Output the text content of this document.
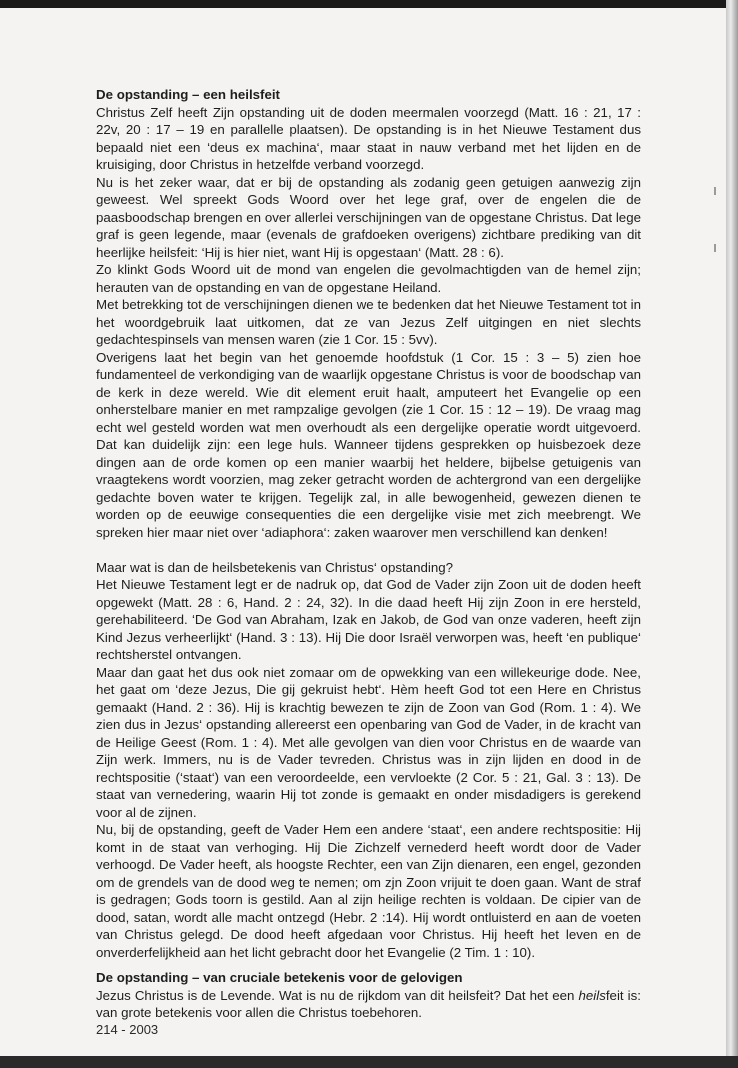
De opstanding – een heilsfeit

Christus Zelf heeft Zijn opstanding uit de doden meermalen voorzegd (Matt. 16 : 21, 17 : 22v, 20 : 17 – 19 en parallelle plaatsen). De opstanding is in het Nieuwe Testament dus bepaald niet een ‘deus ex machina‘, maar staat in nauw verband met het lijden en de kruisiging, door Christus in hetzelfde verband voorzegd.

Nu is het zeker waar, dat er bij de opstanding als zodanig geen getuigen aanwezig zijn geweest. Wel spreekt Gods Woord over het lege graf, over de engelen die de paasboodschap brengen en over allerlei verschijningen van de opgestane Christus. Dat lege graf is geen legende, maar (evenals de grafdoeken overigens) zichtbare prediking van dit heerlijke heilsfeit: ‘Hij is hier niet, want Hij is opgestaan‘ (Matt. 28 : 6).

Zo klinkt Gods Woord uit de mond van engelen die gevolmachtigden van de hemel zijn; herauten van de opstanding en van de opgestane Heiland.

Met betrekking tot de verschijningen dienen we te bedenken dat het Nieuwe Testament tot in het woordgebruik laat uitkomen, dat ze van Jezus Zelf uitgingen en niet slechts gedachtespinsels van mensen waren (zie 1 Cor. 15 : 5vv).

Overigens laat het begin van het genoemde hoofdstuk (1 Cor. 15 : 3 – 5) zien hoe fundamenteel de verkondiging van de waarlijk opgestane Christus is voor de boodschap van de kerk in deze wereld. Wie dit element eruit haalt, amputeert het Evangelie op een onherstelbare manier en met rampzalige gevolgen (zie 1 Cor. 15 : 12 – 19). De vraag mag echt wel gesteld worden wat men overhoudt als een dergelijke operatie wordt uitgevoerd. Dat kan duidelijk zijn: een lege huls. Wanneer tijdens gesprekken op huisbezoek deze dingen aan de orde komen op een manier waarbij het heldere, bijbelse getuigenis van vraagtekens wordt voorzien, mag zeker getracht worden de achtergrond van een dergelijke gedachte boven water te krijgen. Tegelijk zal, in alle bewogenheid, gewezen dienen te worden op de eeuwige consequenties die een dergelijke visie met zich meebrengt. We spreken hier maar niet over ‘adiaphora‘: zaken waarover men verschillend kan denken!

Maar wat is dan de heilsbetekenis van Christus‘ opstanding?

Het Nieuwe Testament legt er de nadruk op, dat God de Vader zijn Zoon uit de doden heeft opgewekt (Matt. 28 : 6, Hand. 2 : 24, 32). In die daad heeft Hij zijn Zoon in ere hersteld, gerehabiliteerd. ‘De God van Abraham, Izak en Jakob, de God van onze vaderen, heeft zijn Kind Jezus verheerlijkt‘ (Hand. 3 : 13). Hij Die door Israël verworpen was, heeft ‘en publique‘ rechtsherstel ontvangen.

Maar dan gaat het dus ook niet zomaar om de opwekking van een willekeurige dode. Nee, het gaat om ‘deze Jezus, Die gij gekruist hebt‘. Hèm heeft God tot een Here en Christus gemaakt (Hand. 2 : 36). Hij is krachtig bewezen te zijn de Zoon van God (Rom. 1 : 4). We zien dus in Jezus‘ opstanding allereerst een openbaring van God de Vader, in de kracht van de Heilige Geest (Rom. 1 : 4). Met alle gevolgen van dien voor Christus en de waarde van Zijn werk. Immers, nu is de Vader tevreden. Christus was in zijn lijden en dood in de rechtspositie (‘staat‘) van een veroordeelde, een vervloekte (2 Cor. 5 : 21, Gal. 3 : 13). De staat van vernedering, waarin Hij tot zonde is gemaakt en onder misdadigers is gerekend voor al de zijnen.

Nu, bij de opstanding, geeft de Vader Hem een andere ‘staat‘, een andere rechtspositie: Hij komt in de staat van verhoging. Hij Die Zichzelf vernederd heeft wordt door de Vader verhoogd. De Vader heeft, als hoogste Rechter, een van Zijn dienaren, een engel, gezonden om de grendels van de dood weg te nemen; om zjn Zoon vrijuit te doen gaan. Want de straf is gedragen; Gods toorn is gestild. Aan al zijn heilige rechten is voldaan. De cipier van de dood, satan, wordt alle macht ontzegd (Hebr. 2 :14). Hij wordt ontluisterd en aan de voeten van Christus gelegd. De dood heeft afgedaan voor Christus. Hij heeft het leven en de onverderfelijkheid aan het licht gebracht door het Evangelie (2 Tim. 1 : 10).

De opstanding – van cruciale betekenis voor de gelovigen

Jezus Christus is de Levende. Wat is nu de rijkdom van dit heilsfeit? Dat het een heilsfeit is: van grote betekenis voor allen die Christus toebehoren.

214 - 2003
